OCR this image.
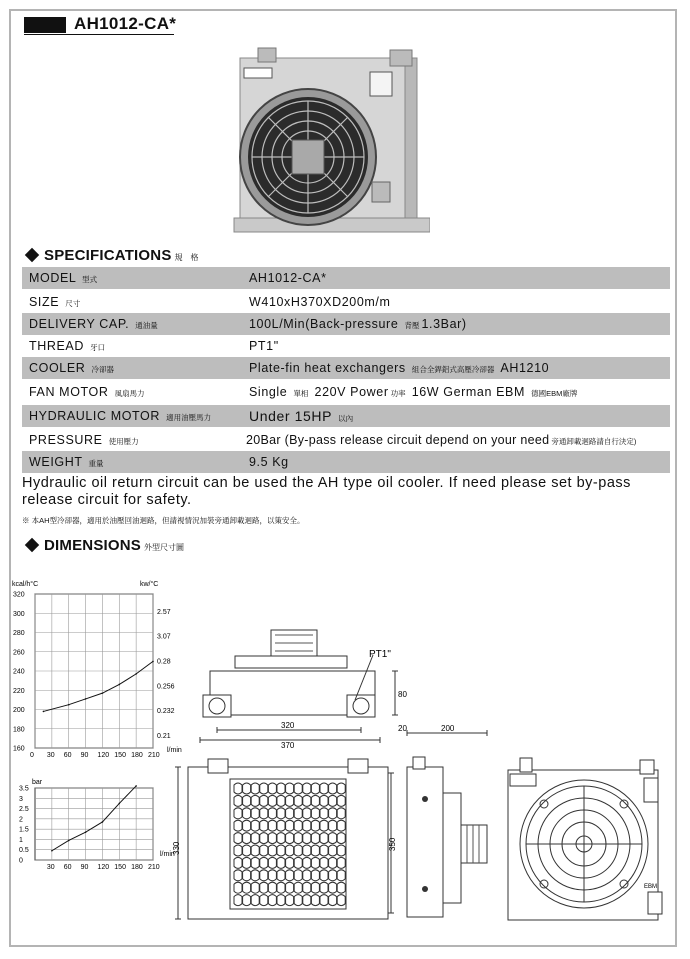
AH1012-CA*
SPECIFICATIONS 規　格
MODEL 型式	AH1012-CA*
SIZE 尺寸	W410xH370XD200m/m
DELIVERY CAP. 通油量	100L/Min(Back-pressure 背壓 1.3Bar)
THREAD 牙口	PT1"
COOLER 冷卻器	Plate-fin heat exchangers 組合全銲鋁式高壓冷卻器 AH1210
FAN MOTOR 風扇馬力	Single 單相 220V Power 功率 16W German EBM 德國EBM廠牌
HYDRAULIC MOTOR 適用油壓馬力	Under 15HP 以內
PRESSURE 使用壓力	20Bar (By-pass release circuit depend on your need 旁通卸載迴路請自行決定)
WEIGHT 重量	9.5 Kg
Hydraulic oil return circuit can be used the AH type oil cooler. If need please set by-pass release circuit for safety.
※ 本AH型冷卻器，適用於油壓回油迴路，但請視情況加裝旁通卸載迴路，以策安全。
DIMENSIONS 外型尺寸圖
kcal/h°C	kw/°C
l/min
0 30 60 90 120 150 180 210
160
180
200
220
240
260
280
300
320
0.21
0.232
0.256
0.28
3.07
2.57
bar
l/min
30 60 90 120 150 180 210
0
0.5
1
1.5
2
2.5
3
3.5
PT1"
320
370
80
20
330
200
350
EBM
